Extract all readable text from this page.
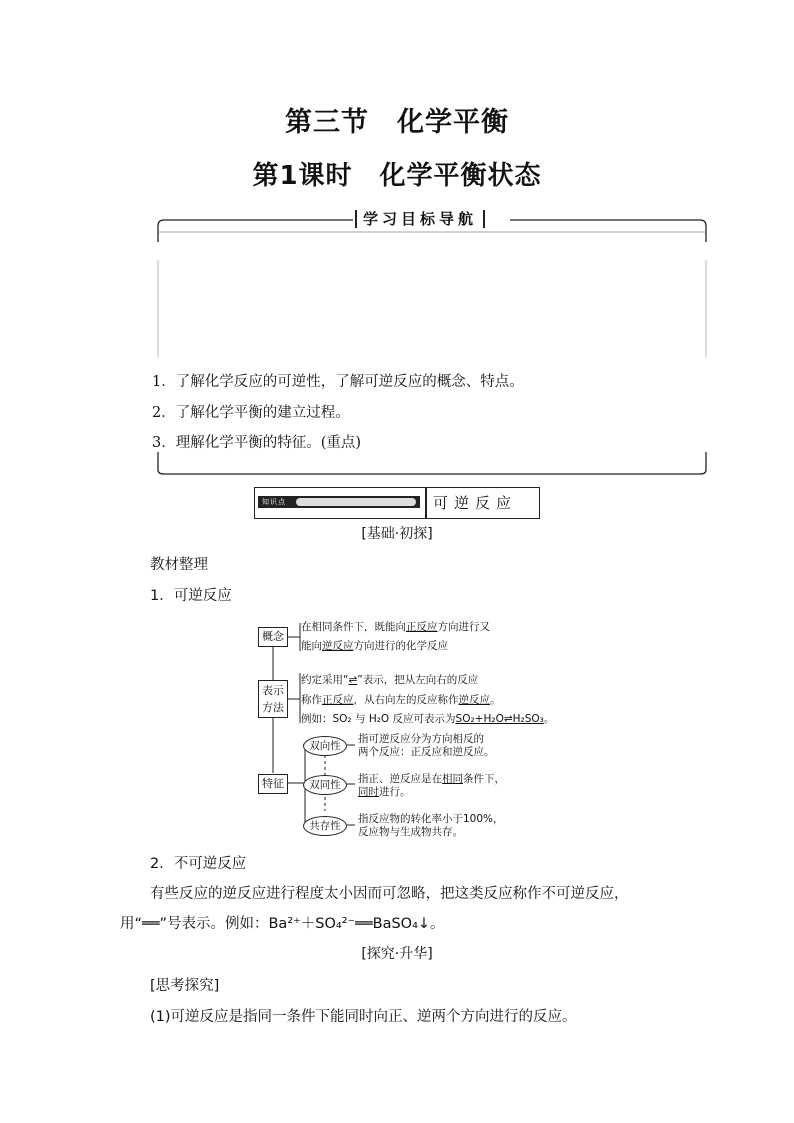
第三节　化学平衡
第1课时　化学平衡状态
学习目标导航
1．了解化学反应的可逆性，了解可逆反应的概念、特点。
2．了解化学平衡的建立过程。
3．理解化学平衡的特征。(重点)
知识点	可逆反应
[基础·初探]
教材整理
1．可逆反应
概念
在相同条件下，既能向正反应方向进行又
能向逆反应方向进行的化学反应
表示
方法
约定采用“⇌”表示，把从左向右的反应
称作正反应，从右向左的反应称作逆反应。
例如：SO₂ 与 H₂O 反应可表示为SO₂+H₂O⇌H₂SO₃。
特征
双向性
指可逆反应分为方向相反的
两个反应：正反应和逆反应。
双同性	指正、逆反应是在相同条件下，
同时进行。
共存性
指反应物的转化率小于100%，
反应物与生成物共存。
2．不可逆反应
有些反应的逆反应进行程度太小因而可忽略，把这类反应称作不可逆反应，
用“══”号表示。例如：Ba²⁺＋SO₄²⁻══BaSO₄↓。
[探究·升华]
[思考探究]
(1)可逆反应是指同一条件下能同时向正、逆两个方向进行的反应。
